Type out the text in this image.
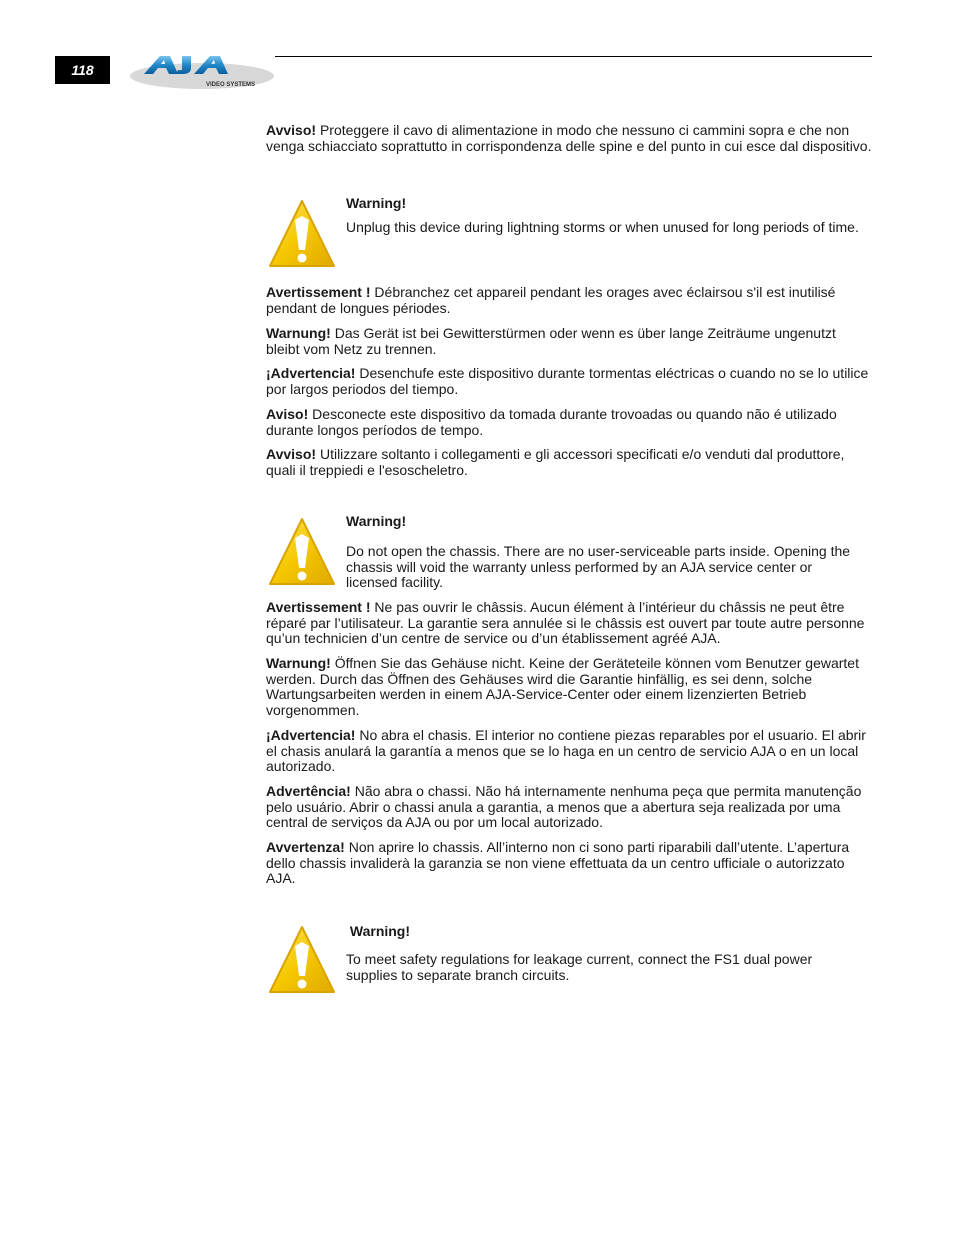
118
VIDEO SYSTEMS

Avviso! Proteggere il cavo di alimentazione in modo che nessuno ci cammini sopra e che non venga schiacciato soprattutto in corrispondenza delle spine e del punto in cui esce dal dispositivo.

Warning!

Unplug this device during lightning storms or when unused for long periods of time.

Avertissement ! Débranchez cet appareil pendant les orages avec éclairsou s'il est inutilisé pendant de longues périodes.

Warnung! Das Gerät ist bei Gewitterstürmen oder wenn es über lange Zeiträume ungenutzt bleibt vom Netz zu trennen.

¡Advertencia! Desenchufe este dispositivo durante tormentas eléctricas o cuando no se lo utilice por largos periodos del tiempo.

Aviso! Desconecte este dispositivo da tomada durante trovoadas ou quando não é utilizado durante longos períodos de tempo.

Avviso! Utilizzare soltanto i collegamenti e gli accessori specificati e/o venduti dal produttore, quali il treppiedi e l'esoscheletro.

Warning!

Do not open the chassis. There are no user-serviceable parts inside. Opening the chassis will void the warranty unless performed by an AJA service center or licensed facility.

Avertissement ! Ne pas ouvrir le châssis. Aucun élément à l’intérieur du châssis ne peut être réparé par l’utilisateur. La garantie sera annulée si le châssis est ouvert par toute autre personne qu’un technicien d’un centre de service ou d’un établissement agréé AJA.

Warnung! Öffnen Sie das Gehäuse nicht. Keine der Geräteteile können vom Benutzer gewartet werden. Durch das Öffnen des Gehäuses wird die Garantie hinfällig, es sei denn, solche Wartungsarbeiten werden in einem AJA-Service-Center oder einem lizenzierten Betrieb vorgenommen.

¡Advertencia! No abra el chasis. El interior no contiene piezas reparables por el usuario. El abrir el chasis anulará la garantía a menos que se lo haga en un centro de servicio AJA o en un local autorizado.

Advertência! Não abra o chassi. Não há internamente nenhuma peça que permita manutenção pelo usuário. Abrir o chassi anula a garantia, a menos que a abertura seja realizada por uma central de serviços da AJA ou por um local autorizado.

Avvertenza! Non aprire lo chassis. All’interno non ci sono parti riparabili dall’utente. L’apertura dello chassis invaliderà la garanzia se non viene effettuata da un centro ufficiale o autorizzato AJA.

Warning!

To meet safety regulations for leakage current, connect the FS1 dual power supplies to separate branch circuits.
